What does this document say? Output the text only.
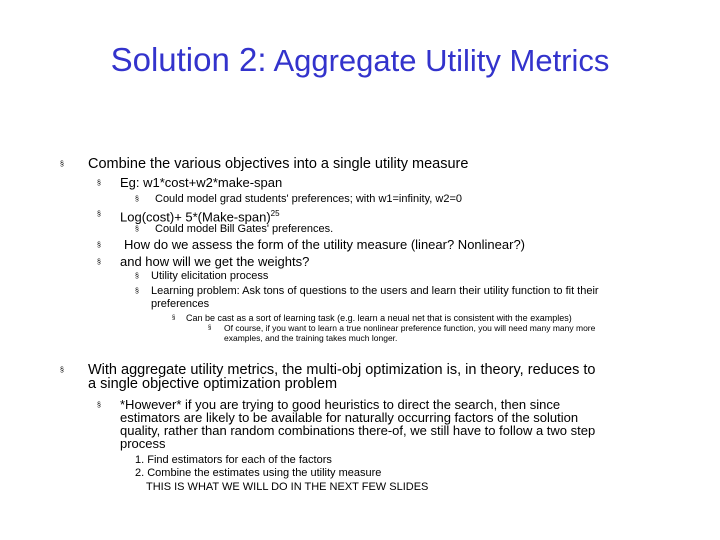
Solution 2: Aggregate Utility Metrics
§ Combine the various objectives into a single utility measure
§ Eg: w1*cost+w2*make-span
§ Could model grad students' preferences; with w1=infinity, w2=0
§ Log(cost)+ 5*(Make-span)$^{25}$
§ Could model Bill Gates' preferences.
§ How do we assess the form of the utility measure (linear? Nonlinear?)
§ and how will we get the weights?
§ Utility elicitation process
§ Learning problem: Ask tons of questions to the users and learn their utility function to fit their
preferences
§ Can be cast as a sort of learning task (e.g. learn a neual net that is consistent with the examples)
§ Of course, if you want to learn a true nonlinear preference function, you will need many many more
examples, and the training takes much longer.
§ With aggregate utility metrics, the multi-obj optimization is, in theory, reduces to
a single objective optimization problem
§ *However* if you are trying to good heuristics to direct the search, then since
estimators are likely to be available for naturally occurring factors of the solution
quality, rather than random combinations there-of, we still have to follow a two step
process
1. Find estimators for each of the factors
2. Combine the estimates using the utility measure
THIS IS WHAT WE WILL DO IN THE NEXT FEW SLIDES
